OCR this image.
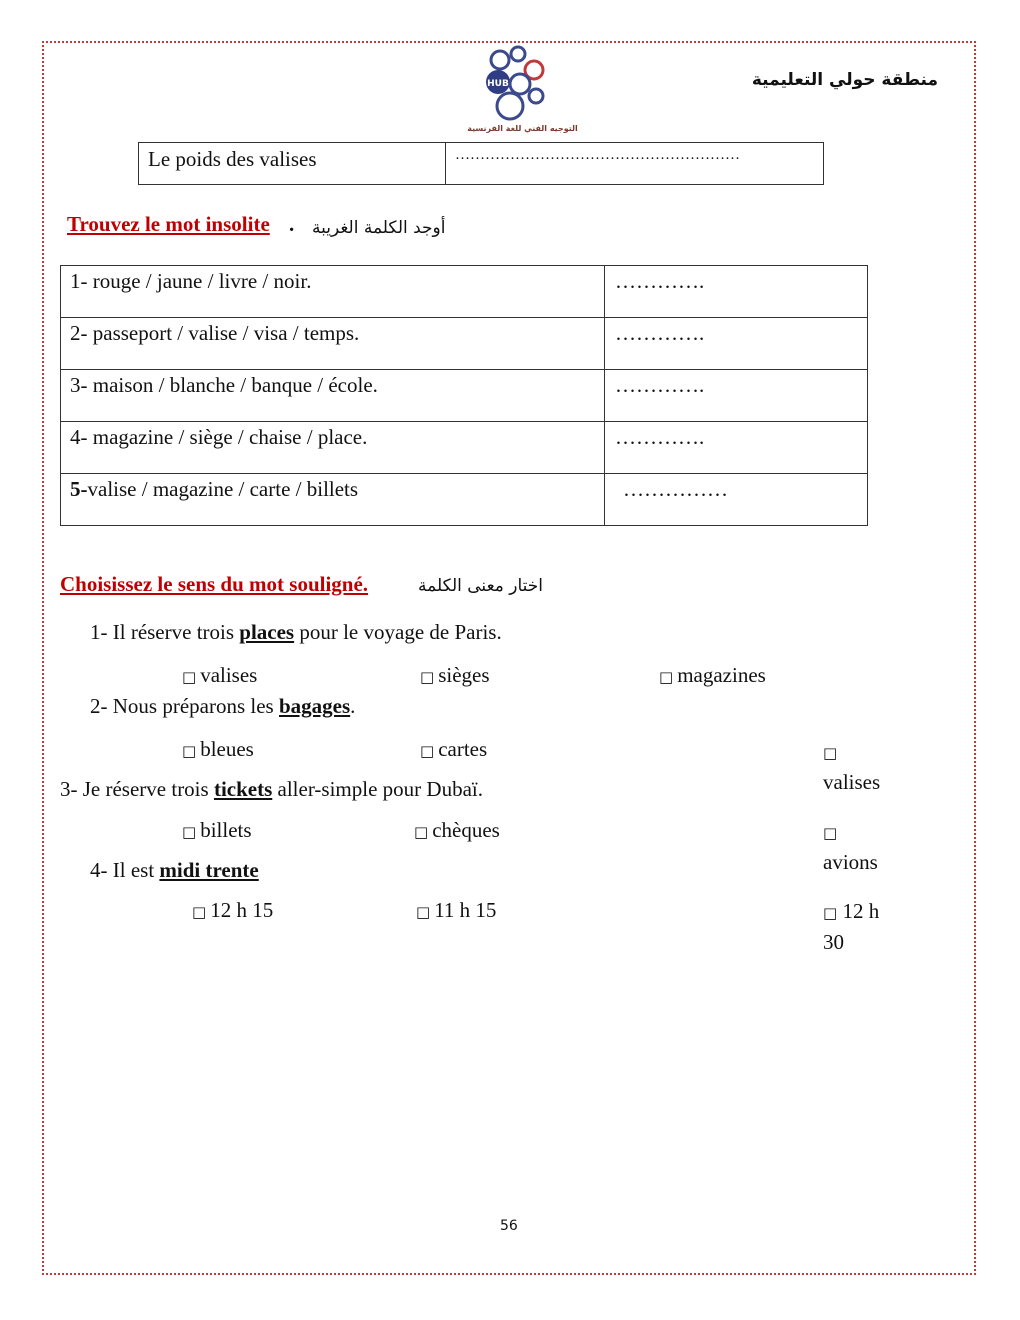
منطقة حولي التعليمية
HUB
التوجيه الفني للغة الفرنسية
Le poids des valises	…………………………………………………
Trouvez le mot insolite . أوجد الكلمة الغريبة
1- rouge / jaune / livre / noir.	………….
2- passeport / valise / visa / temps.	………….
3- maison / blanche / banque / école.	………….
4- magazine / siège / chaise / place.	………….
5-valise / magazine / carte / billets	……………
Choisissez le sens du mot souligné.	اختار معنى الكلمة
1- Il réserve trois places pour le voyage de Paris.
□ valises	□ sièges	□ magazines
2- Nous préparons les bagages.
□ bleues	□ cartes	□
valises
3- Je réserve trois tickets aller-simple pour Dubaï.
□ billets	□ chèques	□
avions
4- Il est midi trente
□ 12 h 15	□ 11 h 15	□ 12 h 30
56
